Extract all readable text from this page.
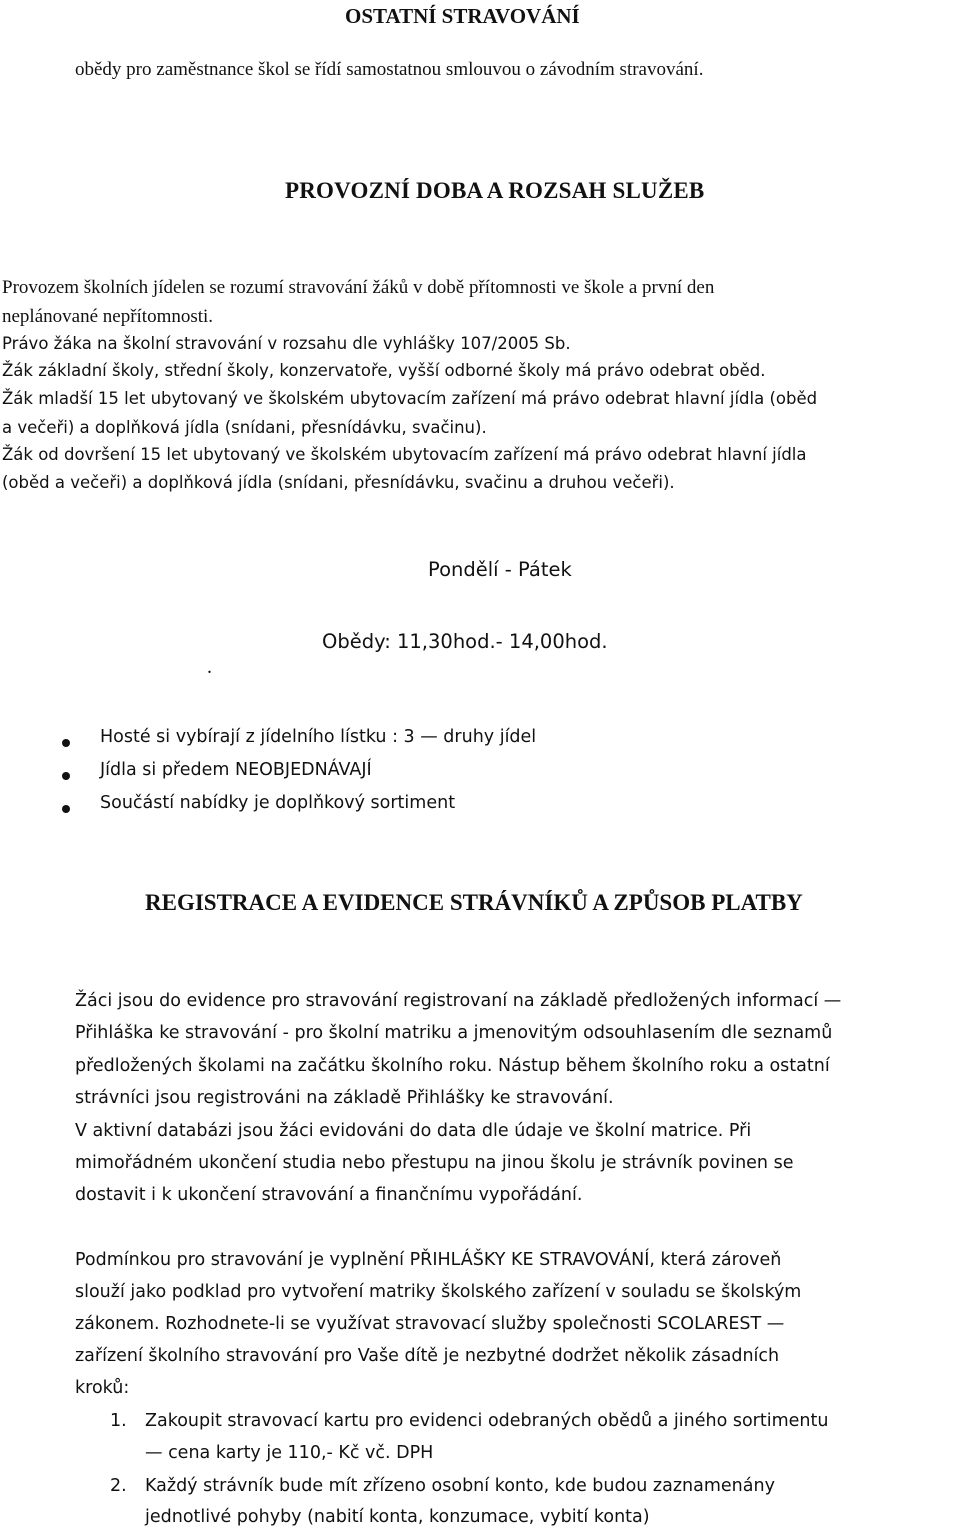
OSTATNÍ STRAVOVÁNÍ

obědy pro zaměstnance škol se řídí samostatnou smlouvou o závodním stravování.

PROVOZNÍ DOBA A ROZSAH SLUŽEB

Provozem školních jídelen se rozumí stravování žáků v době přítomnosti ve škole a první den

neplánované nepřítomnosti.

Právo žáka na školní stravování v rozsahu dle vyhlášky 107/2005 Sb.

Žák základní školy, střední školy, konzervatoře, vyšší odborné školy má právo odebrat oběd.

Žák mladší 15 let ubytovaný ve školském ubytovacím zařízení má právo odebrat hlavní jídla (oběd

a večeři) a doplňková jídla (snídani, přesnídávku, svačinu).

Žák od dovršení 15 let ubytovaný ve školském ubytovacím zařízení má právo odebrat hlavní jídla

(oběd a večeři) a doplňková jídla (snídani, přesnídávku, svačinu a druhou večeři).

Pondělí - Pátek

Obědy: 11,30hod.- 14,00hod.

.

Hosté si vybírají z jídelního lístku : 3 — druhy jídel

Jídla si předem NEOBJEDNÁVAJÍ

Součástí nabídky je doplňkový sortiment

REGISTRACE A EVIDENCE STRÁVNÍKŮ A ZPŮSOB PLATBY

Žáci jsou do evidence pro stravování registrovaní na základě předložených informací —

Přihláška ke stravování - pro školní matriku a jmenovitým odsouhlasením dle seznamů

předložených školami na začátku školního roku. Nástup během školního roku a ostatní

strávníci jsou registrováni na základě Přihlášky ke stravování.

V aktivní databázi jsou žáci evidováni do data dle údaje ve školní matrice. Při

mimořádném ukončení studia nebo přestupu na jinou školu je strávník povinen se

dostavit i k ukončení stravování a finančnímu vypořádání.

Podmínkou pro stravování je vyplnění PŘIHLÁŠKY KE STRAVOVÁNÍ, která zároveň

slouží jako podklad pro vytvoření matriky školského zařízení v souladu se školským

zákonem. Rozhodnete-li se využívat stravovací služby společnosti SCOLAREST —

zařízení školního stravování pro Vaše dítě je nezbytné dodržet několik zásadních

kroků:

1. Zakoupit stravovací kartu pro evidenci odebraných obědů a jiného sortimentu

— cena karty je 110,- Kč vč. DPH

2. Každý strávník bude mít zřízeno osobní konto, kde budou zaznamenány

jednotlivé pohyby (nabití konta, konzumace, vybití konta)
